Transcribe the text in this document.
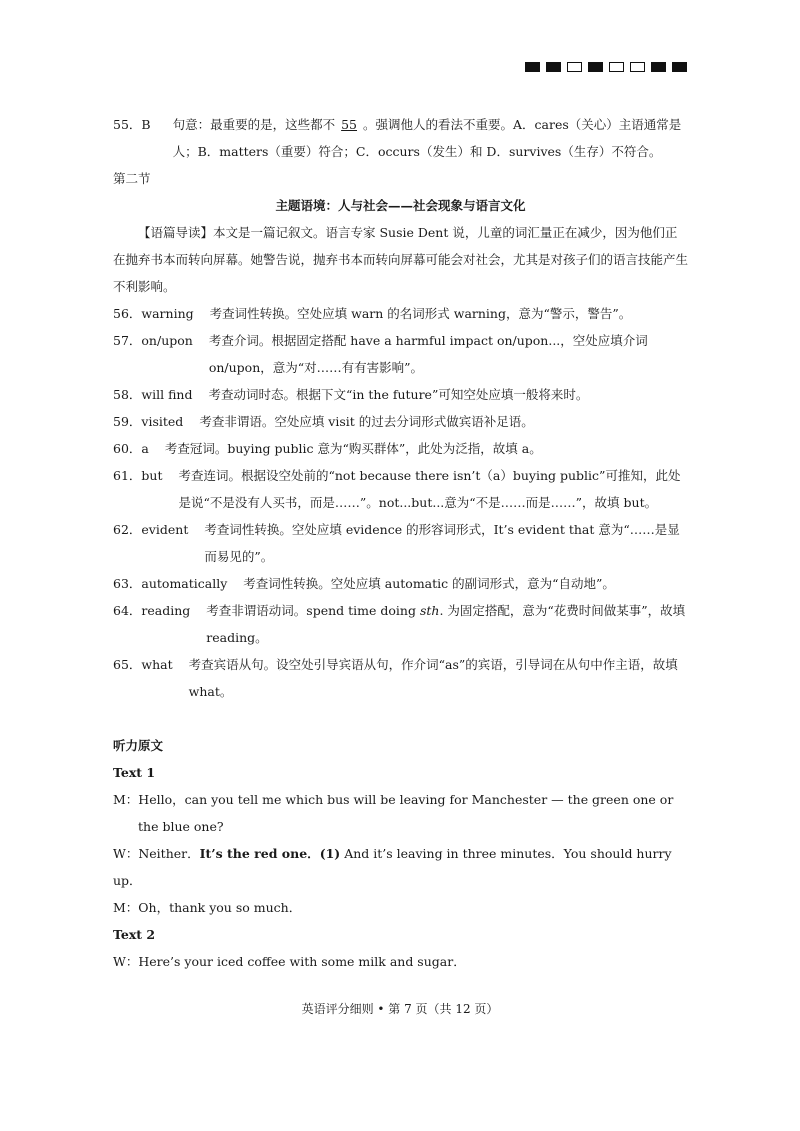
55．B	句意：最重要的是，这些都不 55 。强调他人的看法不重要。A．cares（关心）主语通常是人；B．matters（重要）符合；C．occurs（发生）和 D．survives（生存）不符合。

第二节

主题语境：人与社会——社会现象与语言文化

【语篇导读】本文是一篇记叙文。语言专家 Susie Dent 说，儿童的词汇量正在减少，因为他们正在抛弃书本而转向屏幕。她警告说，抛弃书本而转向屏幕可能会对社会，尤其是对孩子们的语言技能产生不利影响。

56．warning	考查词性转换。空处应填 warn 的名词形式 warning，意为“警示，警告”。
57．on/upon	考查介词。根据固定搭配 have a harmful impact on/upon...，空处应填介词 on/upon，意为“对……有有害影响”。
58．will find	考查动词时态。根据下文“in the future”可知空处应填一般将来时。
59．visited	考查非谓语。空处应填 visit 的过去分词形式做宾语补足语。
60．a	考查冠词。buying public 意为“购买群体”，此处为泛指，故填 a。
61．but	考查连词。根据设空处前的“not because there isn’t（a）buying public”可推知，此处是说“不是没有人买书，而是……”。not...but...意为“不是……而是……”，故填 but。
62．evident	考查词性转换。空处应填 evidence 的形容词形式，It’s evident that 意为“……是显而易见的”。
63．automatically	考查词性转换。空处应填 automatic 的副词形式，意为“自动地”。
64．reading	考查非谓语动词。spend time doing sth. 为固定搭配，意为“花费时间做某事”，故填 reading。
65．what	考查宾语从句。设空处引导宾语从句，作介词“as”的宾语，引导词在从句中作主语，故填 what。

听力原文

Text 1

M：Hello，can you tell me which bus will be leaving for Manchester — the green one or the blue one?

W：Neither．It’s the red one．(1) And it’s leaving in three minutes．You should hurry up．

M：Oh，thank you so much．

Text 2

W：Here’s your iced coffee with some milk and sugar．

英语评分细则 • 第 7 页（共 12 页）
